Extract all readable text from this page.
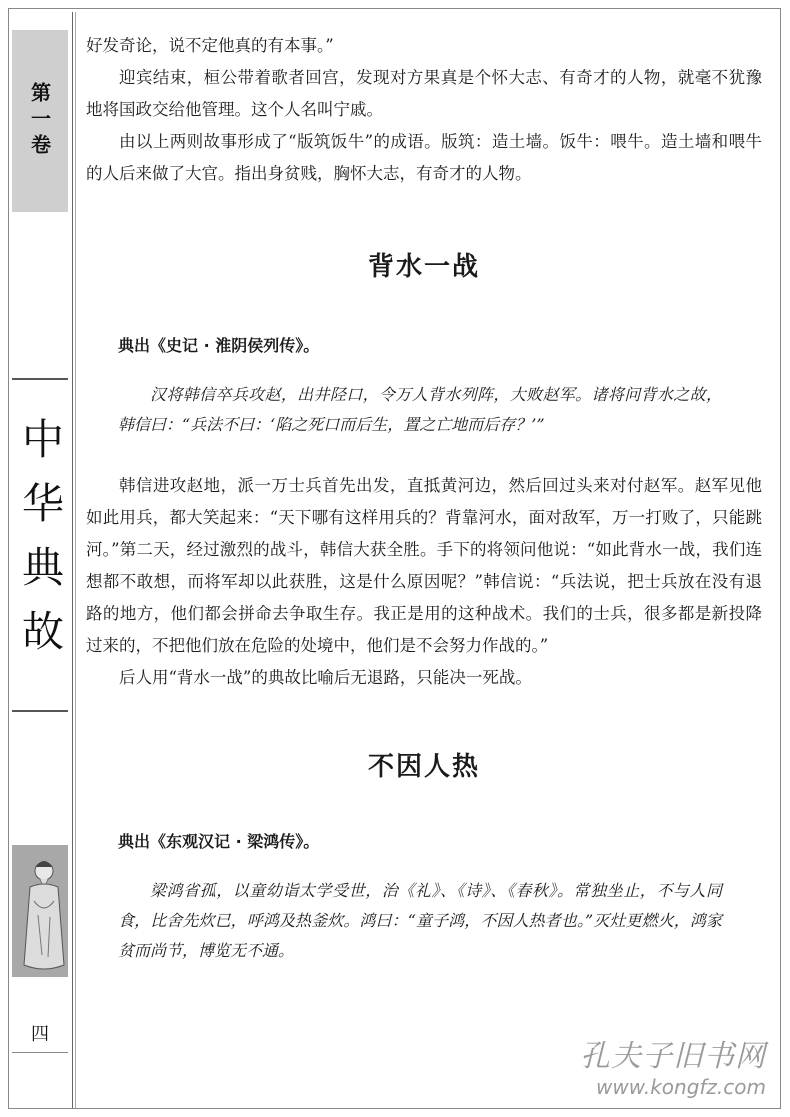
第一卷
中华典故
四

好发奇论，说不定他真的有本事。”

迎宾结束，桓公带着歌者回宫，发现对方果真是个怀大志、有奇才的人物，就毫不犹豫地将国政交给他管理。这个人名叫宁戚。

由以上两则故事形成了“版筑饭牛”的成语。版筑：造土墙。饭牛：喂牛。造土墙和喂牛的人后来做了大官。指出身贫贱，胸怀大志，有奇才的人物。

背水一战

典出《史记 · 淮阴侯列传》。

汉将韩信卒兵攻赵，出井陉口，令万人背水列阵，大败赵军。诸将问背水之故，韩信曰：“兵法不曰：‘陷之死口而后生，置之亡地而后存？’”

韩信进攻赵地，派一万士兵首先出发，直抵黄河边，然后回过头来对付赵军。赵军见他如此用兵，都大笑起来：“天下哪有这样用兵的？背靠河水，面对敌军，万一打败了，只能跳河。”第二天，经过激烈的战斗，韩信大获全胜。手下的将领问他说：“如此背水一战，我们连想都不敢想，而将军却以此获胜，这是什么原因呢？”韩信说：“兵法说，把士兵放在没有退路的地方，他们都会拼命去争取生存。我正是用的这种战术。我们的士兵，很多都是新投降过来的，不把他们放在危险的处境中，他们是不会努力作战的。”

后人用“背水一战”的典故比喻后无退路，只能决一死战。

不因人热

典出《东观汉记 · 梁鸿传》。

梁鸿省孤，以童幼诣太学受世，治《礼》、《诗》、《春秋》。常独坐止，不与人同食，比舍先炊已，呼鸿及热釜炊。鸿曰：“童子鸿，不因人热者也。”灭灶更燃火，鸿家贫而尚节，博览无不通。

孔夫子旧书网
www.kongfz.com
